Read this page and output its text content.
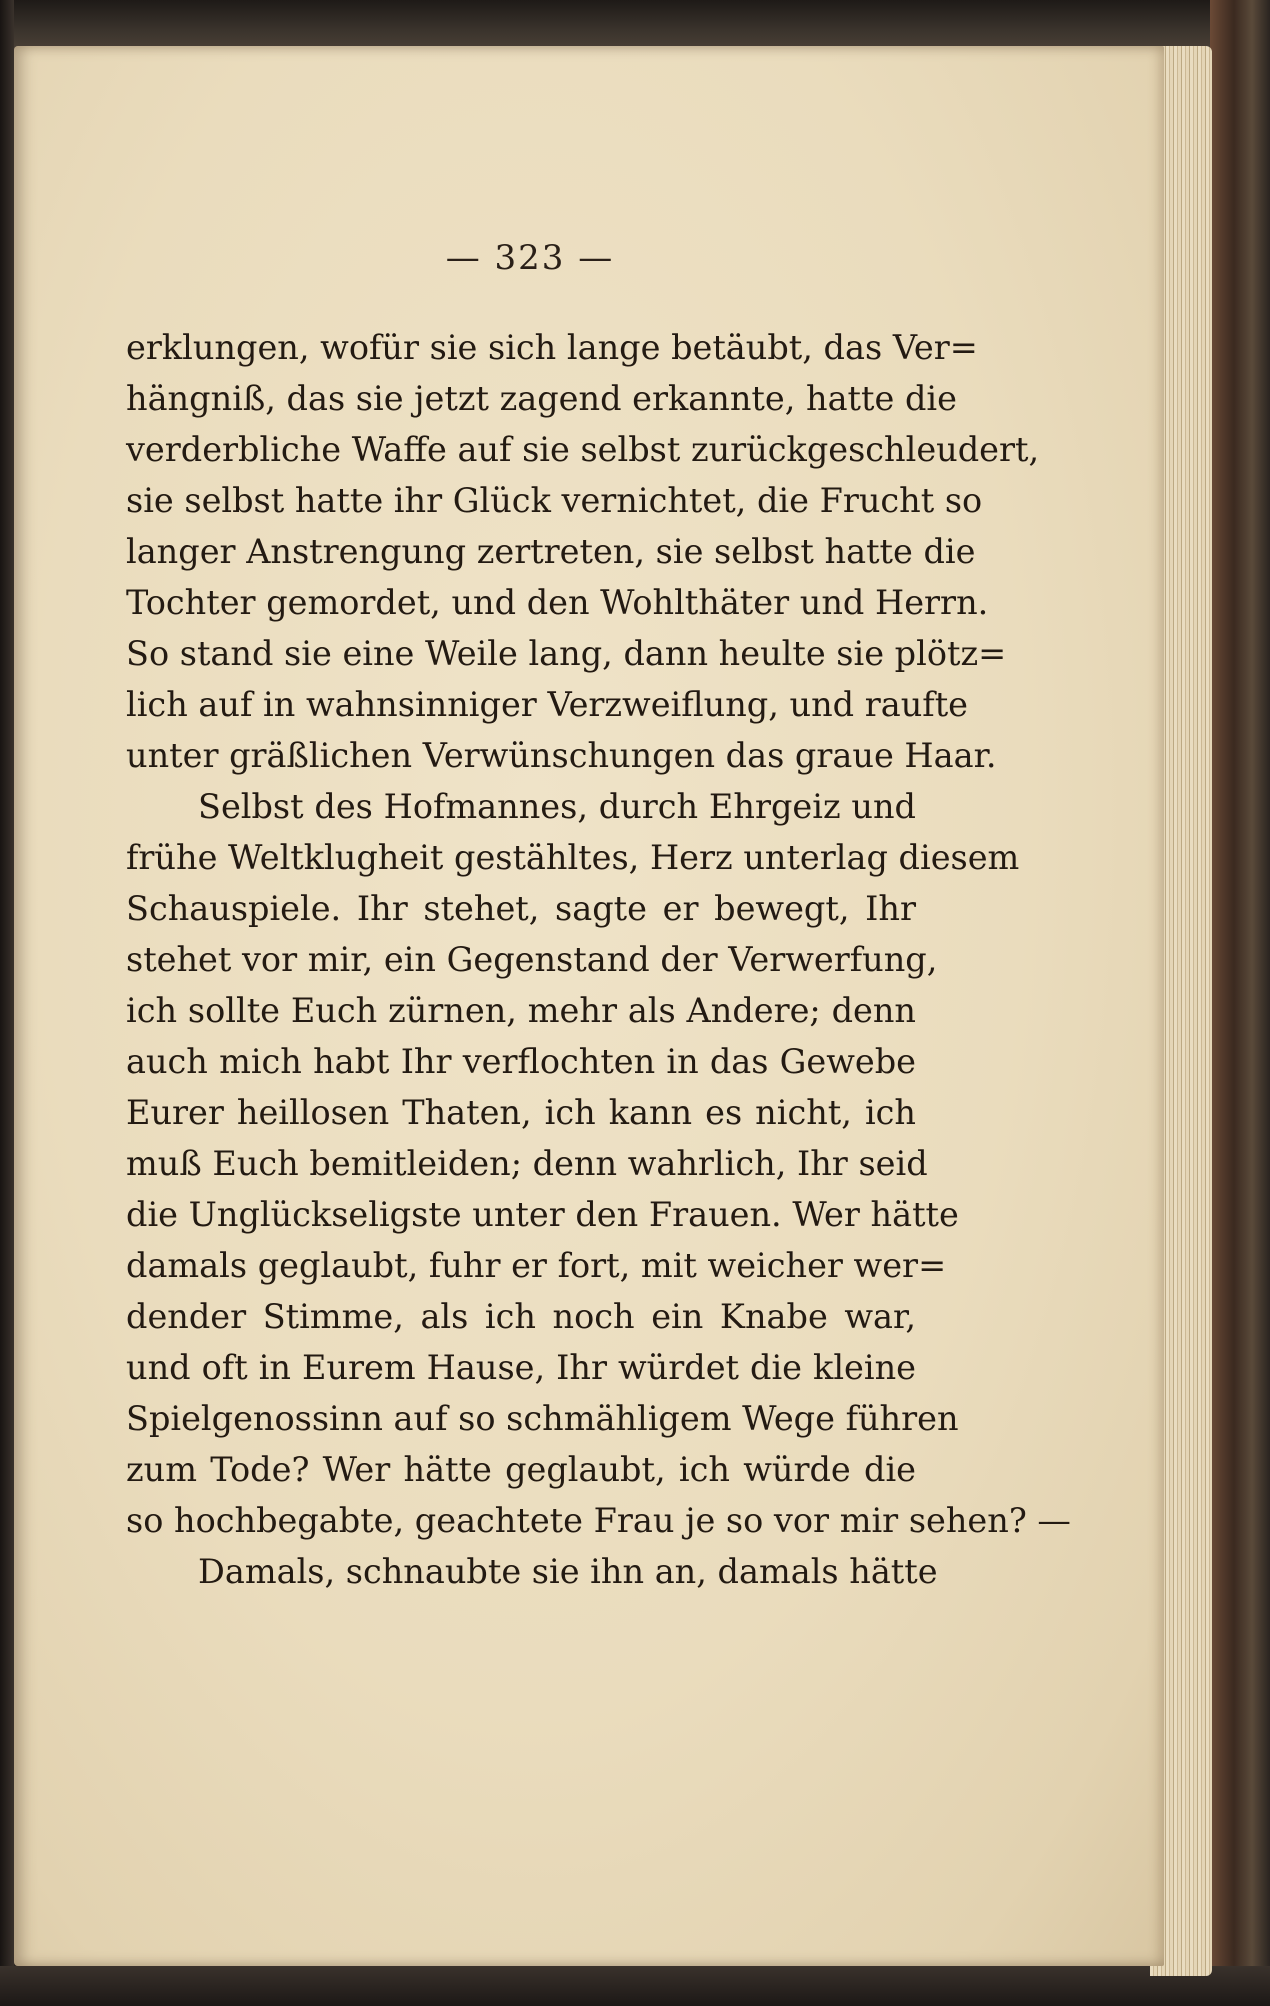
— 323 —
erklungen, wofür sie sich lange betäubt, das Ver=
hängniß, das sie jetzt zagend erkannte, hatte die
verderbliche Waffe auf sie selbst zurückgeschleudert,
sie selbst hatte ihr Glück vernichtet, die Frucht so
langer Anstrengung zertreten, sie selbst hatte die
Tochter gemordet, und den Wohlthäter und Herrn.
So stand sie eine Weile lang, dann heulte sie plötz=
lich auf in wahnsinniger Verzweiflung, und raufte
unter gräßlichen Verwünschungen das graue Haar.
Selbst des Hofmannes, durch Ehrgeiz und
frühe Weltklugheit gestähltes, Herz unterlag diesem
Schauspiele. Ihr stehet, sagte er bewegt, Ihr
stehet vor mir, ein Gegenstand der Verwerfung,
ich sollte Euch zürnen, mehr als Andere; denn
auch mich habt Ihr verflochten in das Gewebe
Eurer heillosen Thaten, ich kann es nicht, ich
muß Euch bemitleiden; denn wahrlich, Ihr seid
die Unglückseligste unter den Frauen. Wer hätte
damals geglaubt, fuhr er fort, mit weicher wer=
dender Stimme, als ich noch ein Knabe war,
und oft in Eurem Hause, Ihr würdet die kleine
Spielgenossinn auf so schmähligem Wege führen
zum Tode? Wer hätte geglaubt, ich würde die
so hochbegabte, geachtete Frau je so vor mir sehen? —
Damals, schnaubte sie ihn an, damals hätte
